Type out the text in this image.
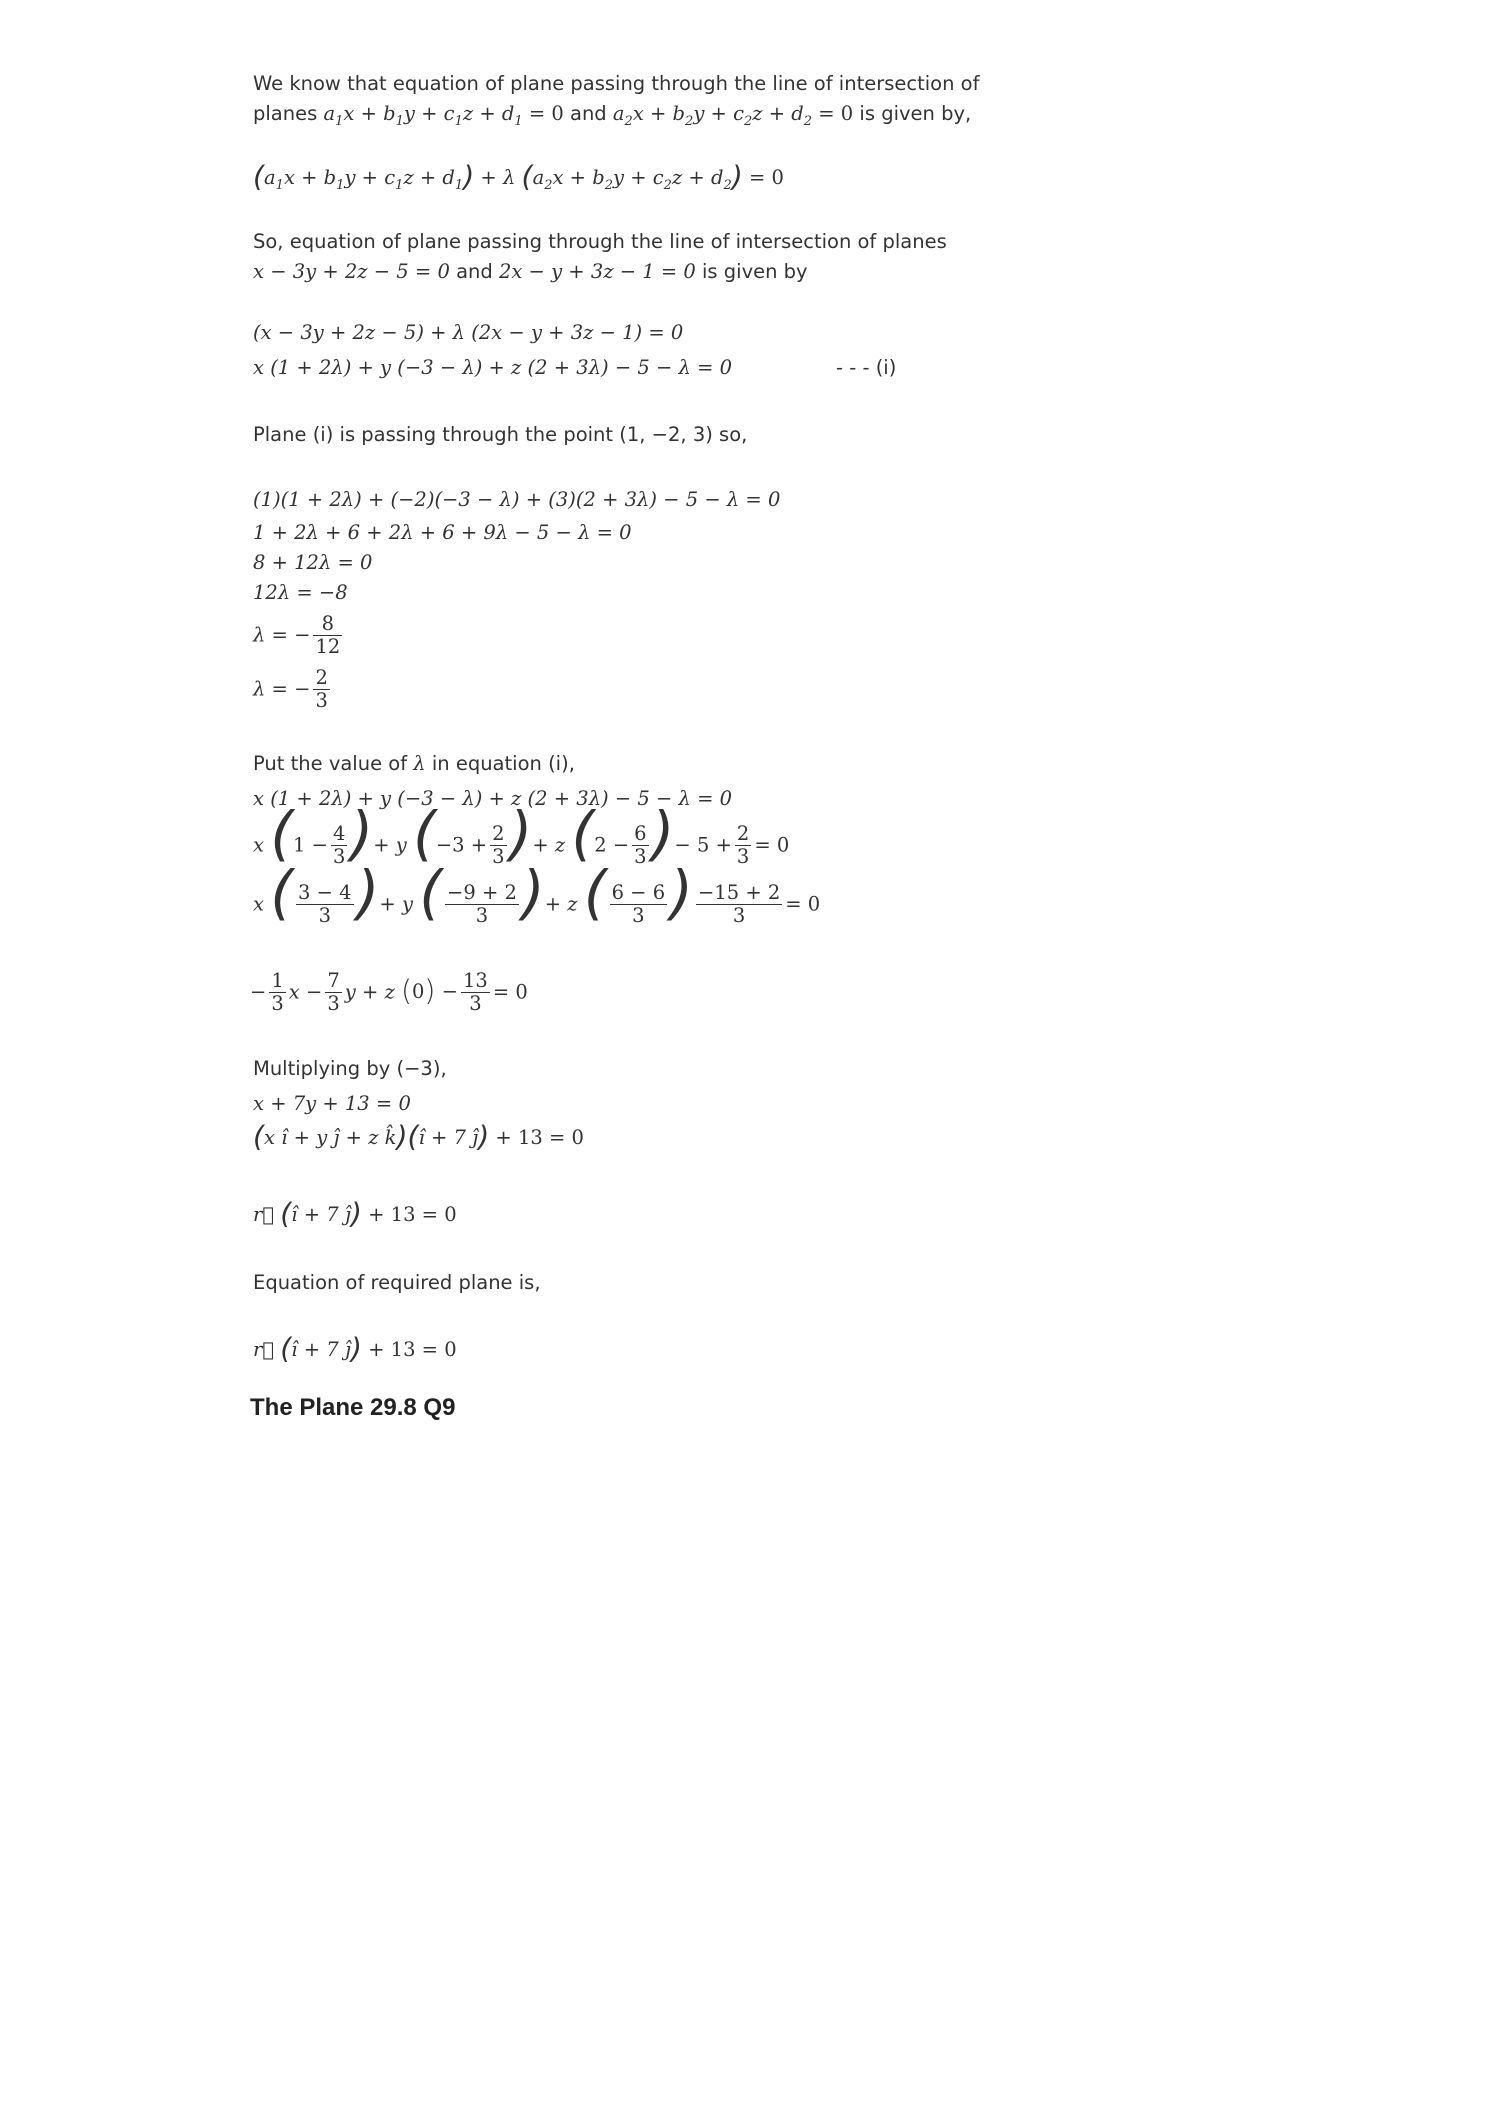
We know that equation of plane passing through the line of intersection of
planes $a_1x + b_1y + c_1z + d_1 = 0$ and $a_2x + b_2y + c_2z + d_2 = 0$ is given by,
$(a_1x + b_1y + c_1z + d_1) + \lambda$ $(a_2x + b_2y + c_2z + d_2) = 0$
So, equation of plane passing through the line of intersection of planes
x − 3y + 2z − 5 = 0 and 2x − y + 3z − 1 = 0 is given by
(x − 3y + 2z − 5) + λ (2x − y + 3z − 1) = 0
x (1 + 2λ) + y (−3 − λ) + z (2 + 3λ) − 5 − λ = 0	- - - (i)
Plane (i) is passing through the point (1, −2, 3) so,
(1)(1 + 2λ) + (−2)(−3 − λ) + (3)(2 + 3λ) − 5 − λ = 0
1 + 2λ + 6 + 2λ + 6 + 9λ − 5 − λ = 0
8 + 12λ = 0
12λ = −8
λ = − $\frac{8}{12}$
λ = − $\frac{2}{3}$
Put the value of λ in equation (i),
x (1 + 2λ) + y (−3 − λ) + z (2 + 3λ) − 5 − λ = 0
x ($1 - \frac{4}{3}$ )+ y ($-3 + \frac{2}{3}$ )+ z ($2 - \frac{6}{3}$ )− $5 + \frac{2}{3} = 0$
x ( $\frac{3 - 4}{3}$ )+ y ( $\frac{-9 + 2}{3}$ )+ z ( $\frac{6 - 6}{3}$ ) $\frac{-15 + 2}{3} = 0$
− $\frac{1}{3}$ $x - \frac{7}{3}$ y + z $(0) - \frac{13}{3} = 0$
Multiplying by (−3),
x + 7y + 13 = 0
(x î + y ĵ + z k̂)(î + 7 ĵ) + 13 = 0
r⃗ (î + 7 ĵ) + 13 = 0
Equation of required plane is,
r⃗ (î + 7 ĵ) + 13 = 0
The Plane 29.8 Q9
